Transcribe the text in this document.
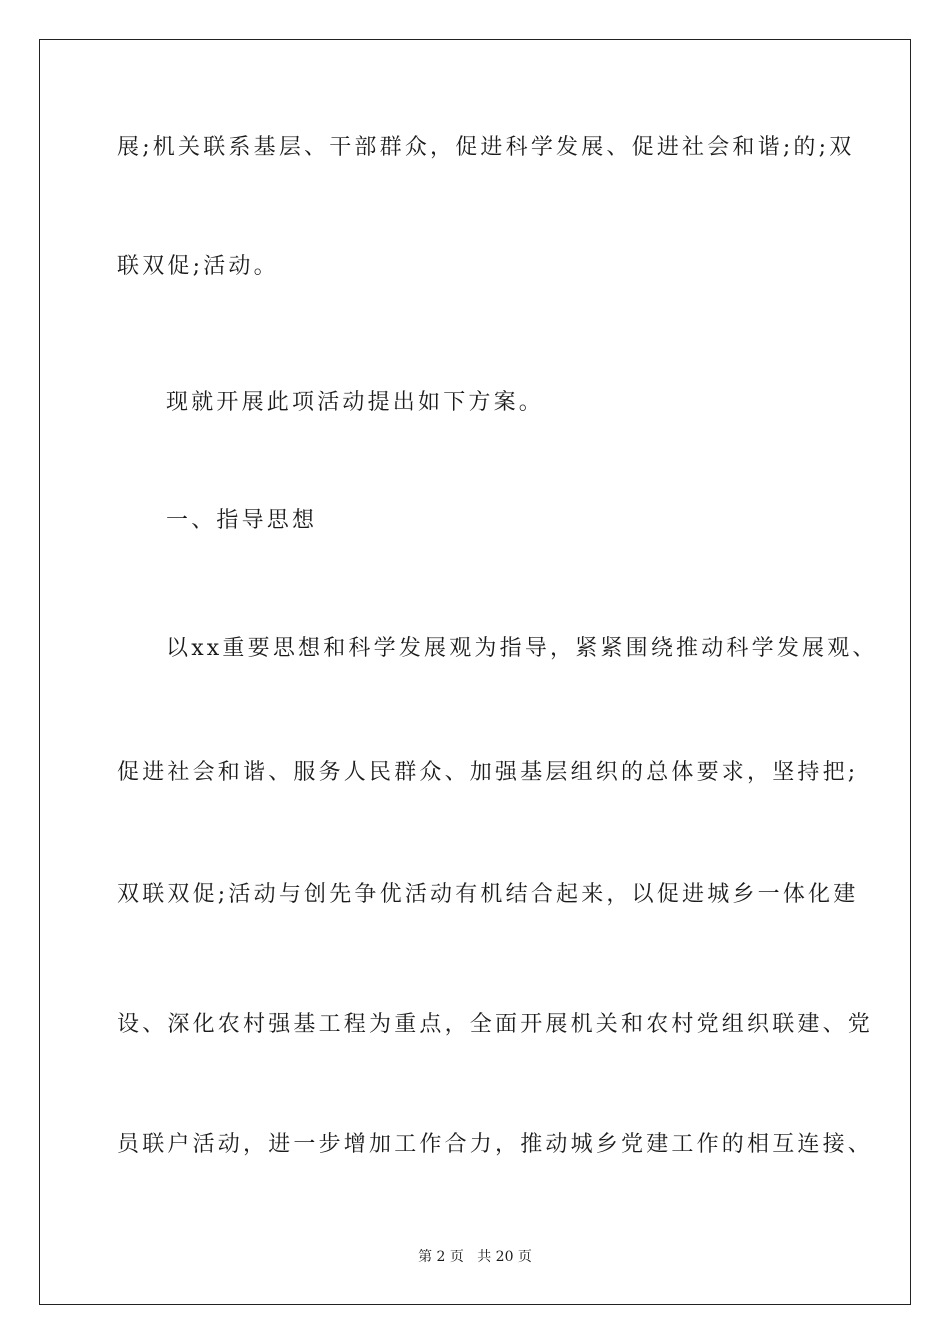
展;机关联系基层、干部群众，促进科学发展、促进社会和谐;的;双
联双促;活动。
现就开展此项活动提出如下方案。
一、指导思想
以xx重要思想和科学发展观为指导，紧紧围绕推动科学发展观、
促进社会和谐、服务人民群众、加强基层组织的总体要求，坚持把;
双联双促;活动与创先争优活动有机结合起来，以促进城乡一体化建
设、深化农村强基工程为重点，全面开展机关和农村党组织联建、党
员联户活动，进一步增加工作合力，推动城乡党建工作的相互连接、
第 2 页   共 20 页
